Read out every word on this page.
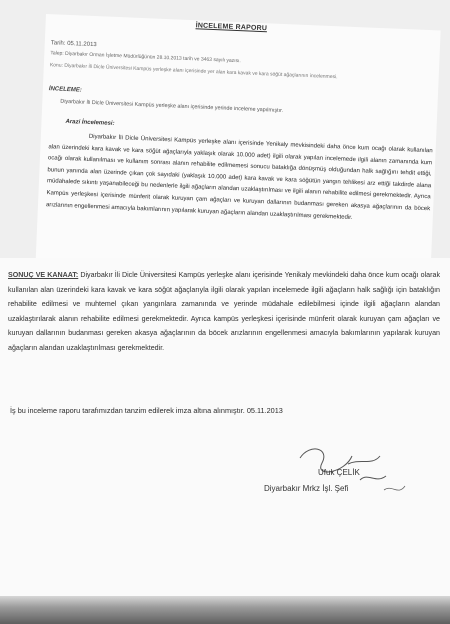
İNCELEME RAPORU
Tarih: 05.11.2013
Talep: Diyarbakır Orman İşletme Müdürlüğünün 28.10.2013 tarih ve 3463 sayılı yazısı.
Konu: Diyarbakır İli Dicle Üniversitesi Kampüs yerleşke alanı içerisinde yer alan kara kavak ve kara söğüt ağaçlarının incelenmesi.
İNCELEME:
Diyarbakır İli Dicle Üniversitesi Kampüs yerleşke alanı içerisinde yerinde inceleme yapılmıştır.
Arazi İncelemesi:
Diyarbakır İli Dicle Üniversitesi Kampüs yerleşke alanı içerisinde Yenikaly mevkisindeki daha önce kum ocağı olarak kullanılan alan üzerindeki kara kavak ve kara söğüt ağaçlarıyla yaklaşık olarak 10.000 adet) ilgili olarak yapılan incelemede ilgili alanın zamanında kum ocağı olarak kullanılması ve kullanım sonrası alanın rehabilite edilmemesi sonucu bataklığa dönüşmüş olduğundan halk sağlığını tehdit ettiği, bunun yanında alan üzerinde çıkan çok sayıdaki (yaklaşık 10.000 adet) kara kavak ve kara söğütün yangın tehlikesi arz ettiği takdirde alana müdahalede sıkıntı yaşanabileceği bu nedenlerle ilgili ağaçların alandan uzaklaştırılması ve ilgili alanın rehabilite edilmesi gerekmektedir. Ayrıca Kampüs yerleşkesi içerisinde münferit olarak kuruyan çam ağaçları ve kuruyan dallarının budanması gereken akasya ağaçlarının da böcek arızlarının engellenmesi amacıyla bakımlarının yapılarak kuruyan ağaçların alandan uzaklaştırılması gerekmektedir.
SONUÇ VE KANAAT: Diyarbakır İli Dicle Üniversitesi Kampüs yerleşke alanı içerisinde Yenikaly mevkindeki daha önce kum ocağı olarak kullanılan alan üzerindeki kara kavak ve kara söğüt ağaçlarıyla ilgili olarak yapılan incelemede ilgili ağaçların halk sağlığı için bataklığın rehabilite edilmesi ve muhtemel çıkan yangınlara zamanında ve yerinde müdahale edilebilmesi içinde ilgili ağaçların alandan uzaklaştırılarak alanın rehabilite edilmesi gerekmektedir. Ayrıca kampüs yerleşkesi içerisinde münferit olarak kuruyan çam ağaçları ve kuruyan dallarının budanması gereken akasya ağaçlarının da böcek arızlarının engellenmesi amacıyla bakımlarının yapılarak kuruyan ağaçların alandan uzaklaştırılması gerekmektedir.
İş bu inceleme raporu tarafımızdan tanzim edilerek imza altına alınmıştır. 05.11.2013
Ufuk ÇELİK
Diyarbakır Mrkz İşl. Şefi
